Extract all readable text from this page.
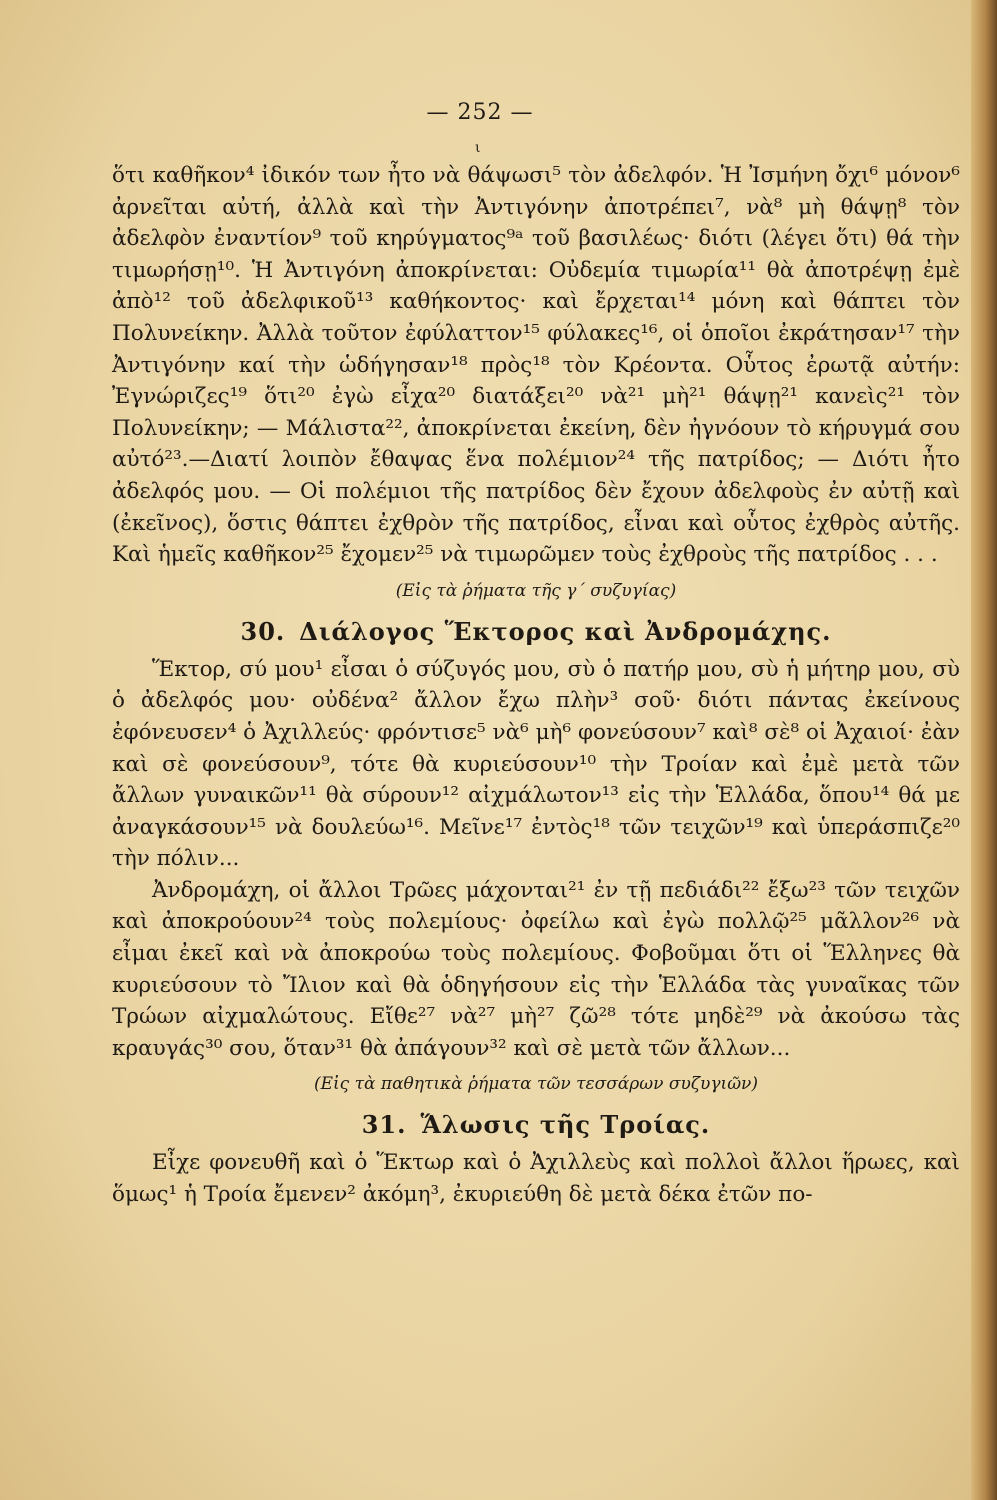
— 252 —
ι

ὅτι καθῆκον⁴ ἰδικόν των ἦτο νὰ θάψωσι⁵ τὸν ἀδελφόν. Ἡ Ἰσμήνη ὄχι⁶ μόνον⁶ ἀρνεῖται αὐτή, ἀλλὰ καὶ τὴν Ἀντιγόνην ἀποτρέπει⁷, νὰ⁸ μὴ θάψῃ⁸ τὸν ἀδελφὸν ἐναντίον⁹ τοῦ κηρύγματος⁹ᵃ τοῦ βασιλέως· διότι (λέγει ὅτι) θά τὴν τιμωρήσῃ¹⁰. Ἡ Ἀντιγόνη ἀποκρίνεται: Οὐδεμία τιμωρία¹¹ θὰ ἀποτρέψῃ ἐμὲ ἀπὸ¹² τοῦ ἀδελφικοῦ¹³ καθήκοντος· καὶ ἔρχεται¹⁴ μόνη καὶ θάπτει τὸν Πολυνείκην. Ἀλλὰ τοῦτον ἐφύλαττον¹⁵ φύλακες¹⁶, οἱ ὁποῖοι ἐκράτησαν¹⁷ τὴν Ἀντιγόνην καί τὴν ὡδήγησαν¹⁸ πρὸς¹⁸ τὸν Κρέοντα. Οὗτος ἐρωτᾷ αὐτήν: Ἐγνώριζες¹⁹ ὅτι²⁰ ἐγὼ εἶχα²⁰ διατάξει²⁰ νὰ²¹ μὴ²¹ θάψῃ²¹ κανεὶς²¹ τὸν Πολυνείκην; — Μάλιστα²², ἀποκρίνεται ἐκείνη, δὲν ἠγνόουν τὸ κήρυγμά σου αὐτό²³.—Διατί λοιπὸν ἔθαψας ἕνα πολέμιον²⁴ τῆς πατρίδος; — Διότι ἦτο ἀδελφός μου. — Οἱ πολέμιοι τῆς πατρίδος δὲν ἔχουν ἀδελφοὺς ἐν αὐτῇ καὶ (ἐκεῖνος), ὅστις θάπτει ἐχθρὸν τῆς πατρίδος, εἶναι καὶ οὗτος ἐχθρὸς αὐτῆς. Καὶ ἡμεῖς καθῆκον²⁵ ἔχομεν²⁵ νὰ τιμωρῶμεν τοὺς ἐχθροὺς τῆς πατρίδος . . .

(Εἰς τὰ ῥήματα τῆς γ΄ συζυγίας)
30. Διάλογος Ἕκτορος καὶ Ἀνδρομάχης.

Ἕκτορ, σύ μου¹ εἶσαι ὁ σύζυγός μου, σὺ ὁ πατήρ μου, σὺ ἡ μήτηρ μου, σὺ ὁ ἀδελφός μου· οὐδένα² ἄλλον ἔχω πλὴν³ σοῦ· διότι πάντας ἐκείνους ἐφόνευσεν⁴ ὁ Ἀχιλλεύς· φρόντισε⁵ νὰ⁶ μὴ⁶ φονεύσουν⁷ καὶ⁸ σὲ⁸ οἱ Ἀχαιοί· ἐὰν καὶ σὲ φονεύσουν⁹, τότε θὰ κυριεύσουν¹⁰ τὴν Τροίαν καὶ ἐμὲ μετὰ τῶν ἄλλων γυναικῶν¹¹ θὰ σύρουν¹² αἰχμάλωτον¹³ εἰς τὴν Ἑλλάδα, ὅπου¹⁴ θά με ἀναγκάσουν¹⁵ νὰ δουλεύω¹⁶. Μεῖνε¹⁷ ἐντὸς¹⁸ τῶν τειχῶν¹⁹ καὶ ὑπεράσπιζε²⁰ τὴν πόλιν...

Ἀνδρομάχη, οἱ ἄλλοι Τρῶες μάχονται²¹ ἐν τῇ πεδιάδι²² ἔξω²³ τῶν τειχῶν καὶ ἀποκρούουν²⁴ τοὺς πολεμίους· ὀφείλω καὶ ἐγὼ πολλῷ²⁵ μᾶλλον²⁶ νὰ εἶμαι ἐκεῖ καὶ νὰ ἀποκρούω τοὺς πολεμίους. Φοβοῦμαι ὅτι οἱ Ἕλληνες θὰ κυριεύσουν τὸ Ἴλιον καὶ θὰ ὁδηγήσουν εἰς τὴν Ἑλλάδα τὰς γυναῖκας τῶν Τρώων αἰχμαλώτους. Εἴθε²⁷ νὰ²⁷ μὴ²⁷ ζῶ²⁸ τότε μηδὲ²⁹ νὰ ἀκούσω τὰς κραυγάς³⁰ σου, ὅταν³¹ θὰ ἀπάγουν³² καὶ σὲ μετὰ τῶν ἄλλων...

(Εἰς τὰ παθητικὰ ῥήματα τῶν τεσσάρων συζυγιῶν)
31. Ἅλωσις τῆς Τροίας.

Εἶχε φονευθῆ καὶ ὁ Ἕκτωρ καὶ ὁ Ἀχιλλεὺς καὶ πολλοὶ ἄλλοι ἥρωες, καὶ ὅμως¹ ἡ Τροία ἔμενεν² ἀκόμη³, ἐκυριεύθη δὲ μετὰ δέκα ἐτῶν πο-
